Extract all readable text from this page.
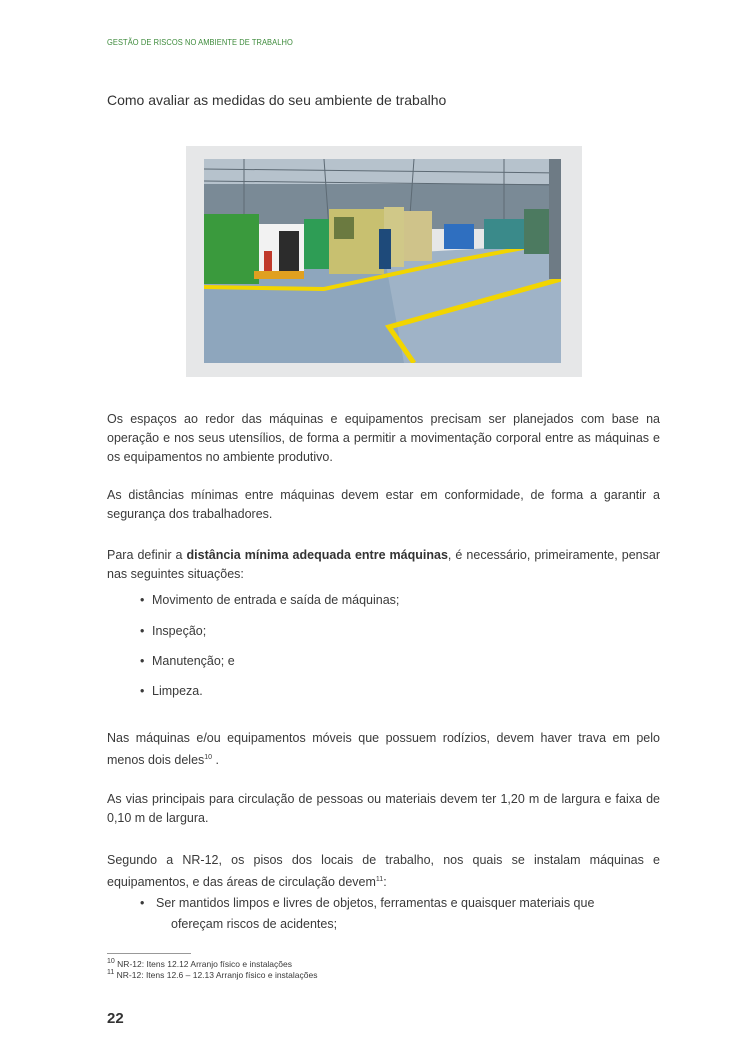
GESTÃO DE RISCOS NO AMBIENTE DE TRABALHO
Como avaliar as medidas do seu ambiente de trabalho
Os espaços ao redor das máquinas e equipamentos precisam ser planejados com base na operação e nos seus utensílios, de forma a permitir a movimentação corporal entre as máquinas e os equipamentos no ambiente produtivo.
As distâncias mínimas entre máquinas devem estar em conformidade, de forma a garantir a segurança dos trabalhadores.
Para definir a distância mínima adequada entre máquinas, é necessário, primeiramente, pensar nas seguintes situações:
• Movimento de entrada e saída de máquinas;
• Inspeção;
• Manutenção; e
• Limpeza.
Nas máquinas e/ou equipamentos móveis que possuem rodízios, devem haver trava em pelo menos dois deles$^{10}$ .
As vias principais para circulação de pessoas ou materiais devem ter 1,20 m de largura e faixa de 0,10 m de largura.
Segundo a NR-12, os pisos dos locais de trabalho, nos quais se instalam máquinas e equipamentos, e das áreas de circulação devem$^{11}$:
• Ser mantidos limpos e livres de objetos, ferramentas e quaisquer materiais que
ofereçam riscos de acidentes;
$^{10}$ NR-12: Itens 12.12 Arranjo físico e instalações
$^{11}$ NR-12: Itens 12.6 – 12.13 Arranjo físico e instalações
22
